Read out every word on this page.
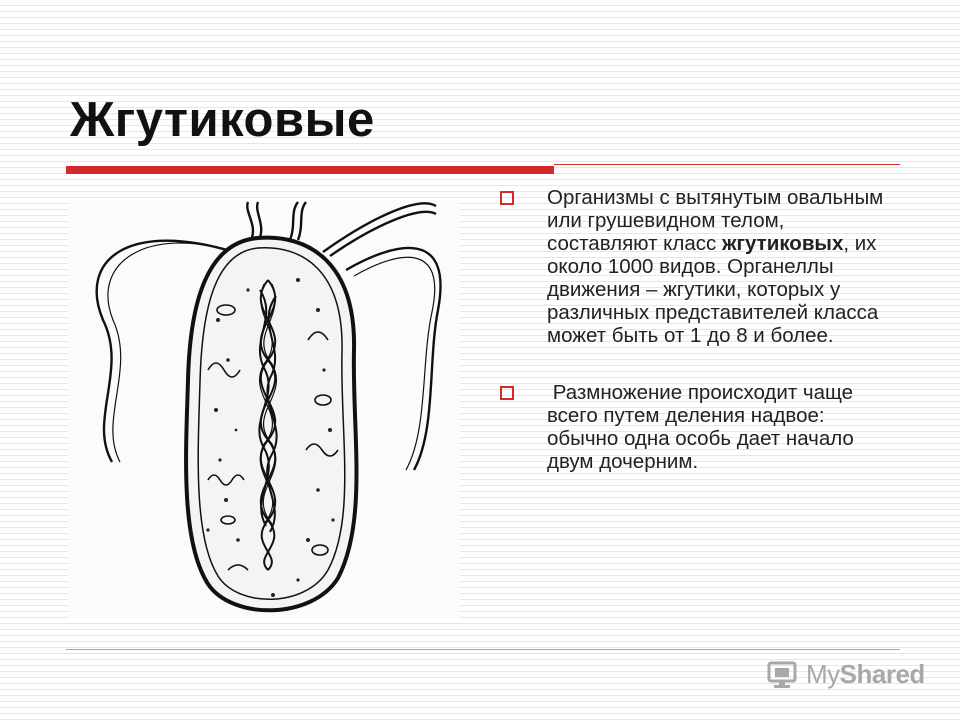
Жгутиковые
Организмы с вытянутым овальным или грушевидном телом, составляют класс жгутиковых, их около 1000 видов. Органеллы движения – жгутики, которых у различных представителей класса может быть от 1 до 8 и более.
Размножение происходит чаще всего путем деления надвое: обычно одна особь дает начало двум дочерним.
MyShared
